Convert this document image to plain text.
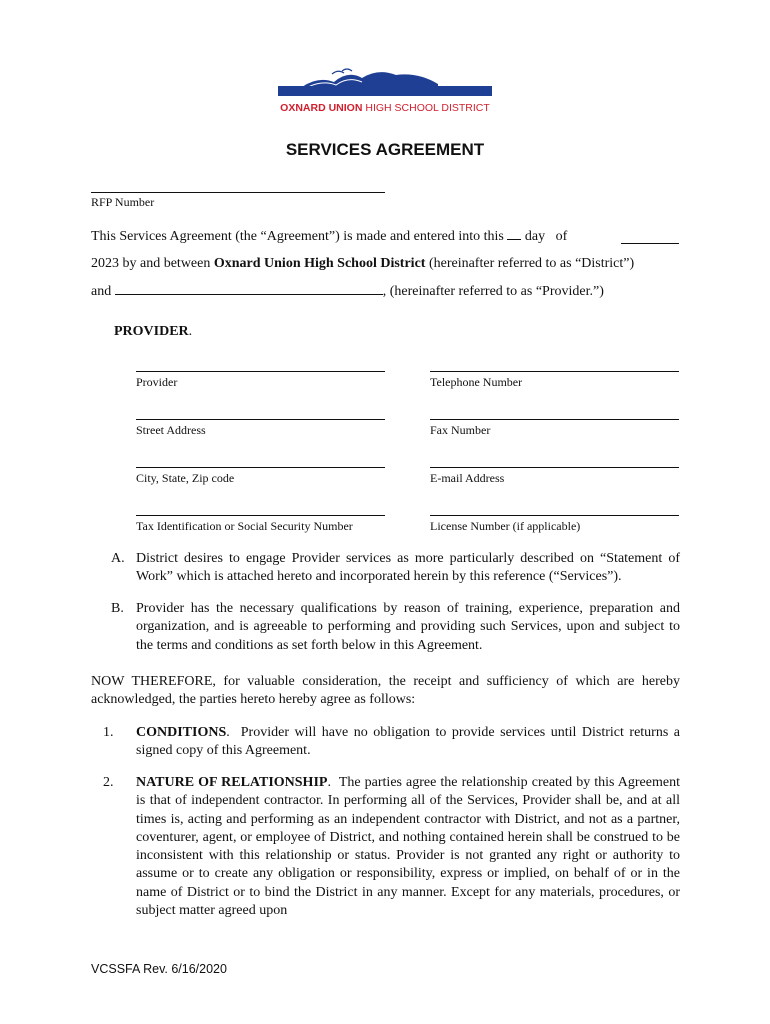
OXNARD UNION HIGH SCHOOL DISTRICT
SERVICES AGREEMENT
RFP Number
This Services Agreement (the “Agreement”) is made and entered into this day of
2023 by and between Oxnard Union High School District (hereinafter referred to as “District”)
and	, (hereinafter referred to as “Provider.”)
PROVIDER.
Provider	Telephone Number
Street Address	Fax Number
City, State, Zip code	E-mail Address
Tax Identification or Social Security Number	License Number (if applicable)
A. District desires to engage Provider services as more particularly described on “Statement of Work” which is attached hereto and incorporated herein by this reference (“Services”).
B. Provider has the necessary qualifications by reason of training, experience, preparation and organization, and is agreeable to performing and providing such Services, upon and subject to the terms and conditions as set forth below in this Agreement.
NOW THEREFORE, for valuable consideration, the receipt and sufficiency of which are hereby acknowledged, the parties hereto hereby agree as follows:
1. CONDITIONS.  Provider will have no obligation to provide services until District returns a signed copy of this Agreement.
2. NATURE OF RELATIONSHIP.  The parties agree the relationship created by this Agreement is that of independent contractor. In performing all of the Services, Provider shall be, and at all times is, acting and performing as an independent contractor with District, and not as a partner, coventurer, agent, or employee of District, and nothing contained herein shall be construed to be inconsistent with this relationship or status. Provider is not granted any right or authority to assume or to create any obligation or responsibility, express or implied, on behalf of or in the name of District or to bind the District in any manner. Except for any materials, procedures, or subject matter agreed upon
VCSSFA Rev. 6/16/2020
